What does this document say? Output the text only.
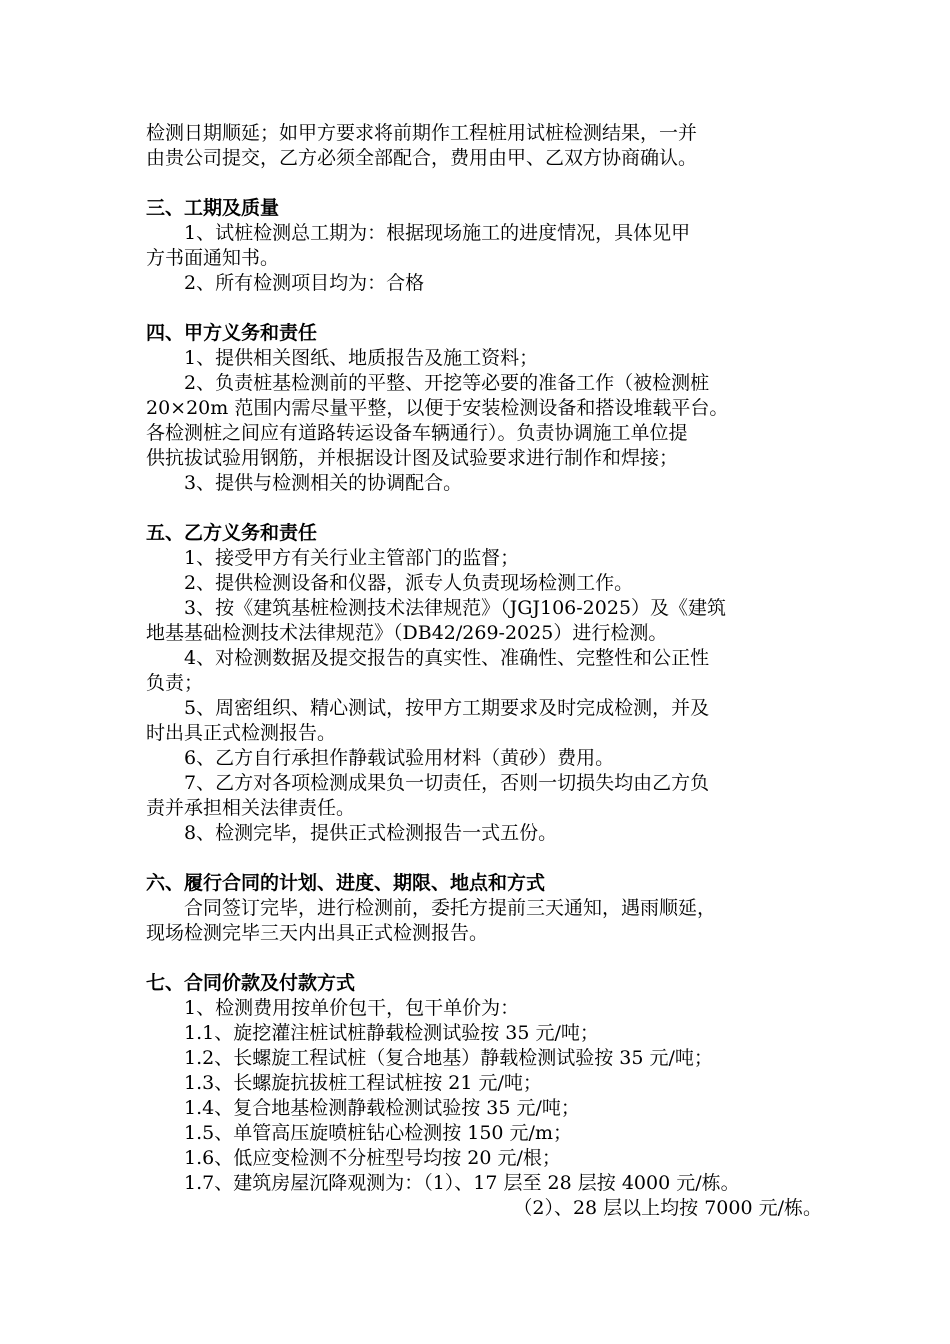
检测日期顺延；如甲方要求将前期作工程桩用试桩检测结果，一并
由贵公司提交，乙方必须全部配合，费用由甲、乙双方协商确认。
三、工期及质量
　　1、试桩检测总工期为：根据现场施工的进度情况，具体见甲
方书面通知书。
　　2、所有检测项目均为：合格
四、甲方义务和责任
　　1、提供相关图纸、地质报告及施工资料；
　　2、负责桩基检测前的平整、开挖等必要的准备工作（被检测桩
20×20m 范围内需尽量平整，以便于安装检测设备和搭设堆载平台。
各检测桩之间应有道路转运设备车辆通行）。负责协调施工单位提
供抗拔试验用钢筋，并根据设计图及试验要求进行制作和焊接；
　　3、提供与检测相关的协调配合。
五、乙方义务和责任
　　1、接受甲方有关行业主管部门的监督；
　　2、提供检测设备和仪器，派专人负责现场检测工作。
　　3、按《建筑基桩检测技术法律规范》（JGJ106-2025）及《建筑
地基基础检测技术法律规范》（DB42/269-2025）进行检测。
　　4、对检测数据及提交报告的真实性、准确性、完整性和公正性
负责；
　　5、周密组织、精心测试，按甲方工期要求及时完成检测，并及
时出具正式检测报告。
　　6、乙方自行承担作静载试验用材料（黄砂）费用。
　　7、乙方对各项检测成果负一切责任，否则一切损失均由乙方负
责并承担相关法律责任。
　　8、检测完毕，提供正式检测报告一式五份。
六、履行合同的计划、进度、期限、地点和方式
　　合同签订完毕，进行检测前，委托方提前三天通知，遇雨顺延，
现场检测完毕三天内出具正式检测报告。
七、合同价款及付款方式
　　1、检测费用按单价包干，包干单价为：
　　1.1、旋挖灌注桩试桩静载检测试验按 35 元/吨；
　　1.2、长螺旋工程试桩（复合地基）静载检测试验按 35 元/吨；
　　1.3、长螺旋抗拔桩工程试桩按 21 元/吨；
　　1.4、复合地基检测静载检测试验按 35 元/吨；
　　1.5、单管高压旋喷桩钻心检测按 150 元/m；
　　1.6、低应变检测不分桩型号均按 20 元/根；
　　1.7、建筑房屋沉降观测为：（1）、17 层至 28 层按 4000 元/栋。
（2）、28 层以上均按 7000 元/栋。
